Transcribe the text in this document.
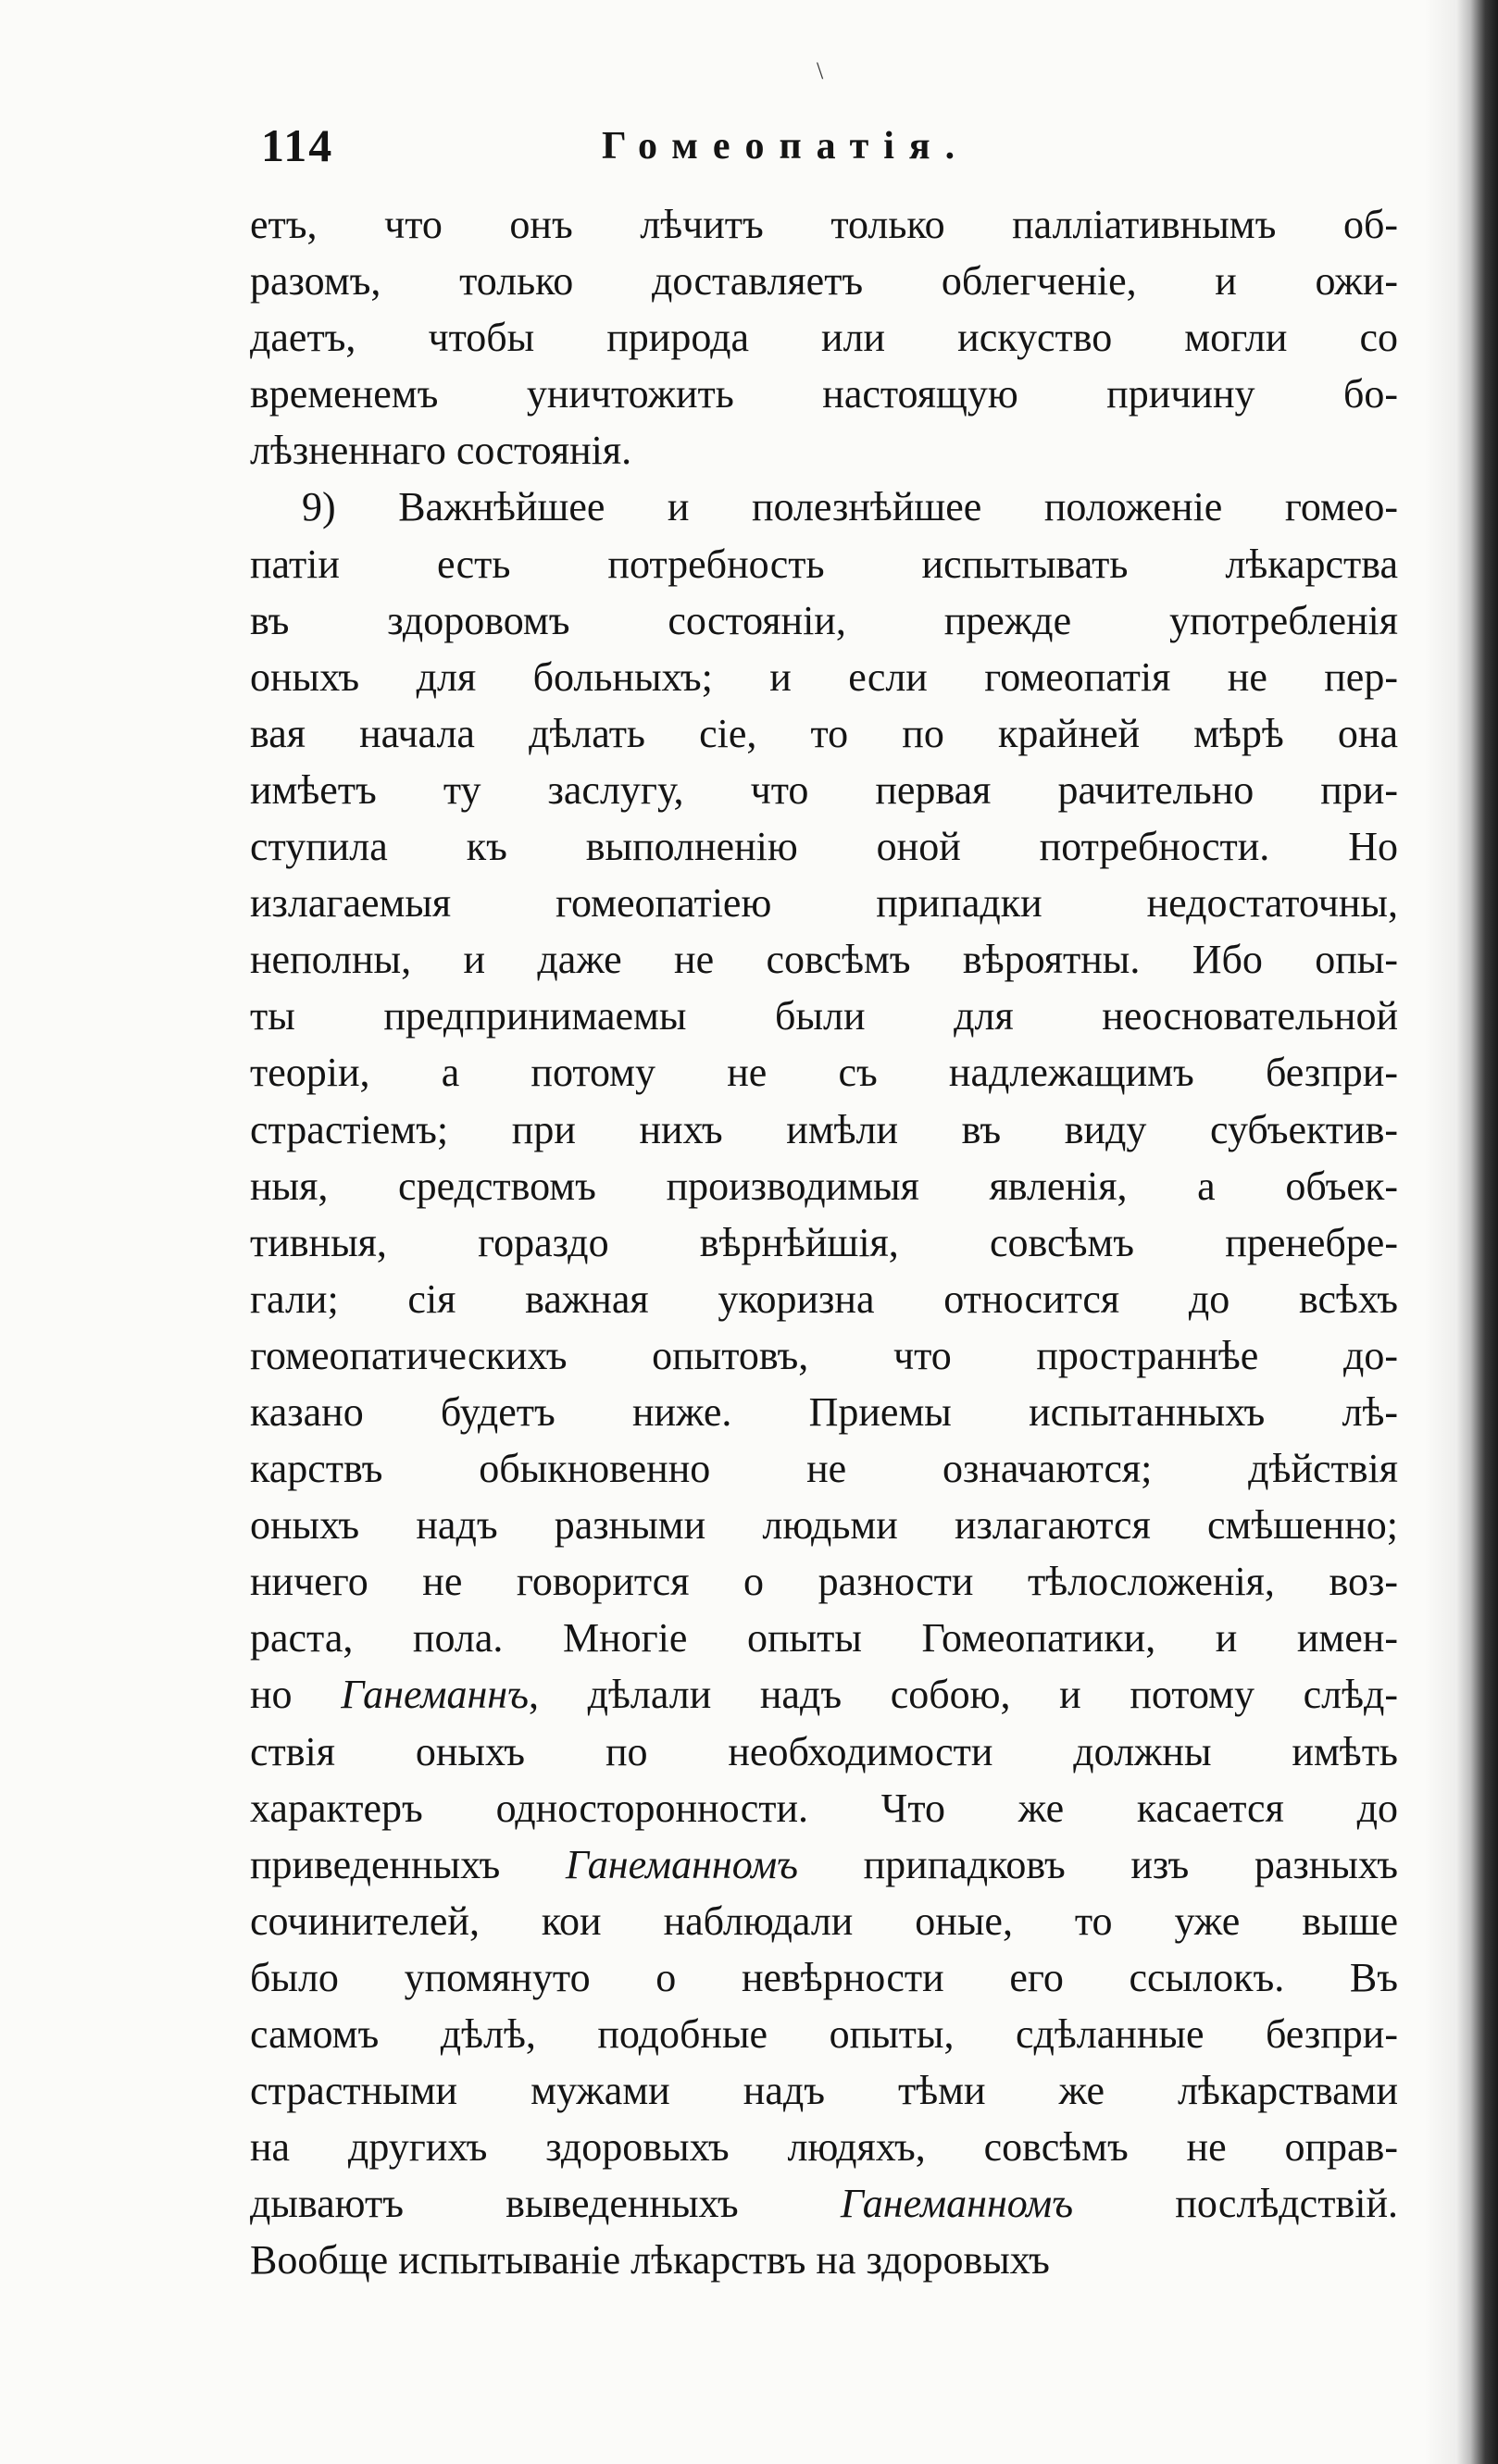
\
114	Гомеопатія.
етъ, что онъ лѣчитъ только палліативнымъ об-
разомъ, только доставляетъ облегченіе, и ожи-
даетъ, чтобы природа или искуство могли со
временемъ уничтожить настоящую причину бо-
лѣзненнаго состоянія.
9) Важнѣйшее и полезнѣйшее положеніе гомео-
патіи есть потребность испытывать лѣкарства
въ здоровомъ состояніи, прежде употребленія
оныхъ для больныхъ; и если гомеопатія не пер-
вая начала дѣлать сіе, то по крайней мѣрѣ она
имѣетъ ту заслугу, что первая рачительно при-
ступила къ выполненію оной потребности. Но
излагаемыя гомеопатіею припадки недостаточны,
неполны, и даже не совсѣмъ вѣроятны. Ибо опы-
ты предпринимаемы были для неосновательной
теоріи, а потому не съ надлежащимъ безпри-
страстіемъ; при нихъ имѣли въ виду субъектив-
ныя, средствомъ производимыя явленія, а объек-
тивныя, гораздо вѣрнѣйшія, совсѣмъ пренебре-
гали; сія важная укоризна относится до всѣхъ
гомеопатическихъ опытовъ, что пространнѣе до-
казано будетъ ниже. Приемы испытанныхъ лѣ-
карствъ обыкновенно не означаются; дѣйствія
оныхъ надъ разными людьми излагаются смѣшенно;
ничего не говорится о разности тѣлосложенія, воз-
раста, пола. Многіе опыты Гомеопатики, и имен-
но Ганеманнъ, дѣлали надъ собою, и потому слѣд-
ствія оныхъ по необходимости должны имѣть
характеръ односторонности. Что же касается до
приведенныхъ Ганеманномъ припадковъ изъ разныхъ
сочинителей, кои наблюдали оные, то уже выше
было упомянуто о невѣрности его ссылокъ. Въ
самомъ дѣлѣ, подобные опыты, сдѣланные безпри-
страстными мужами надъ тѣми же лѣкарствами
на другихъ здоровыхъ людяхъ, совсѣмъ не оправ-
дываютъ выведенныхъ Ганеманномъ послѣдствій.
Вообще испытываніе лѣкарствъ на здоровыхъ
